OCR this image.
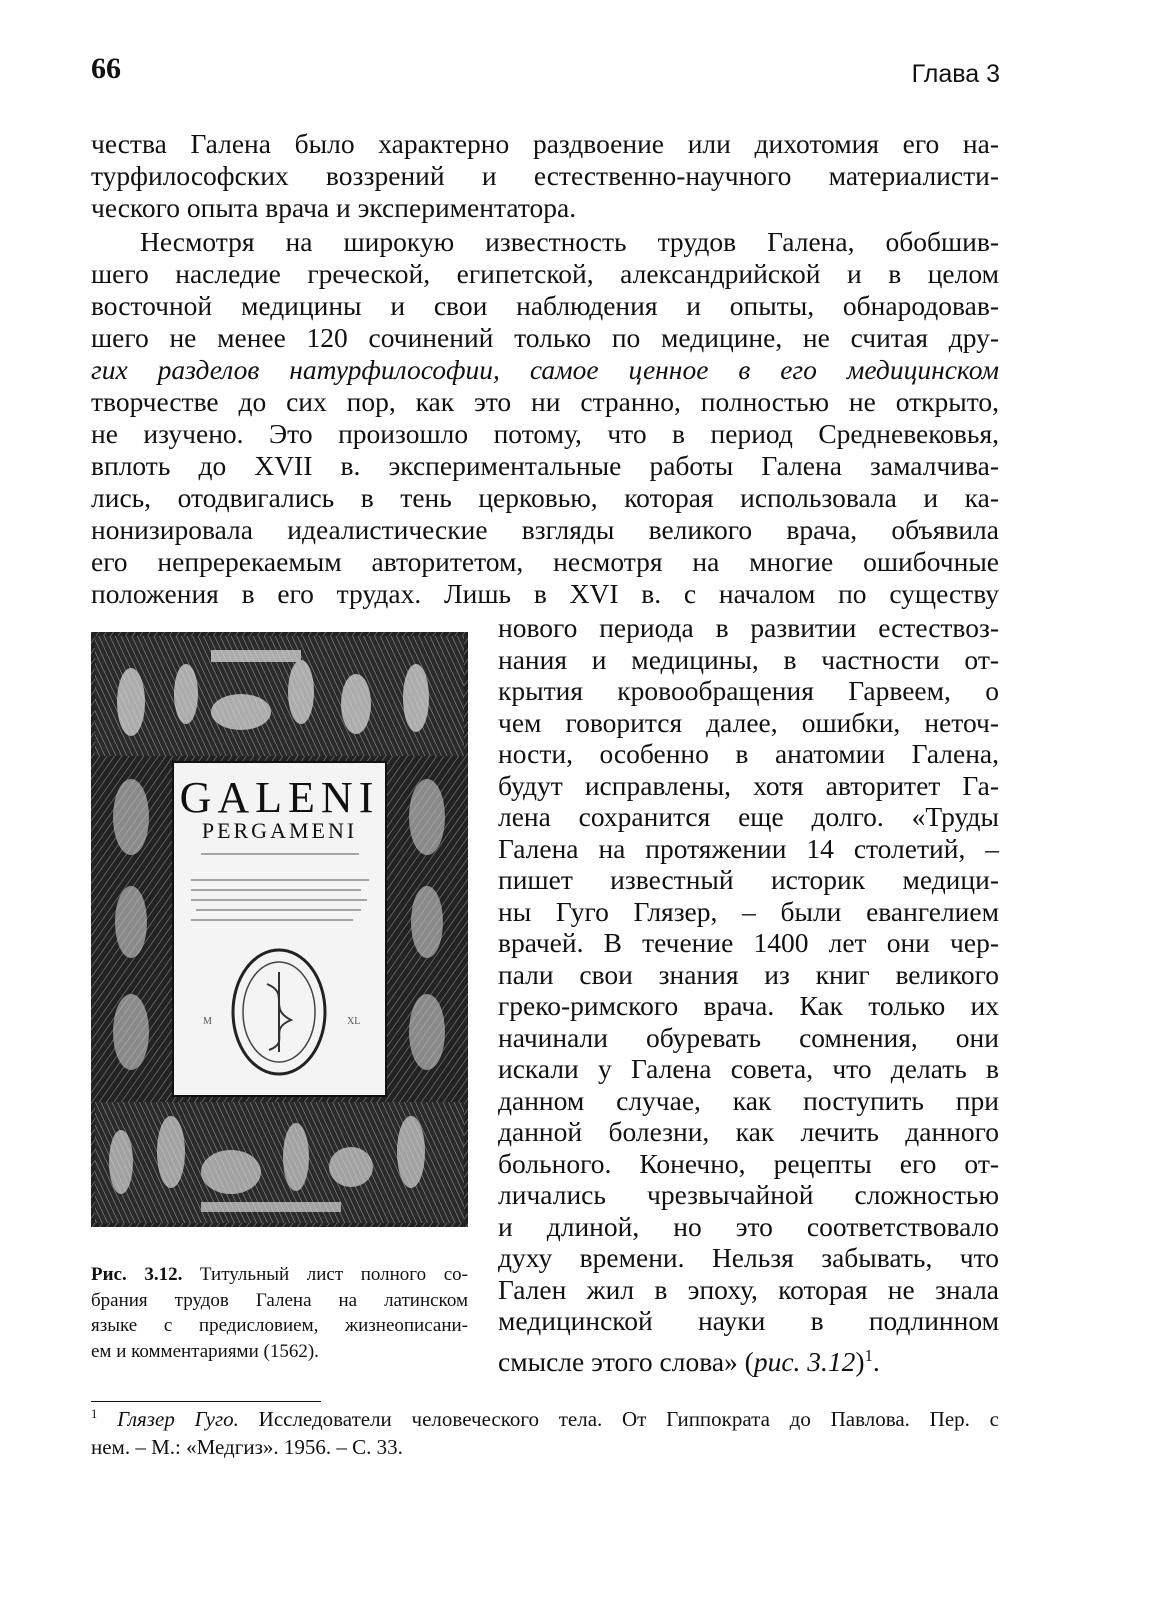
66	Глава 3
чества Галена было характерно раздвоение или дихотомия его на-
турфилософских воззрений и естественно-научного материалисти-
ческого опыта врача и экспериментатора.
Несмотря на широкую известность трудов Галена, обобшив-
шего наследие греческой, египетской, александрийской и в целом
восточной медицины и свои наблюдения и опыты, обнародовав-
шего не менее 120 сочинений только по медицине, не считая дру-
гих разделов натурфилософии, самое ценное в его медицинском
творчестве до сих пор, как это ни странно, полностью не открыто,
не изучено. Это произошло потому, что в период Средневековья,
вплоть до XVII в. экспериментальные работы Галена замалчива-
лись, отодвигались в тень церковью, которая использовала и ка-
нонизировала идеалистические взгляды великого врача, объявила
его непререкаемым авторитетом, несмотря на многие ошибочные
положения в его трудах. Лишь в XVI в. с началом по существу
нового периода в развитии естествоз-
нания и медицины, в частности от-
крытия кровообращения Гарвеем, о
чем говорится далее, ошибки, неточ-
ности, особенно в анатомии Галена,
будут исправлены, хотя авторитет Га-
лена сохранится еще долго. «Труды
Галена на протяжении 14 столетий, –
пишет известный историк медици-
ны Гуго Глязер, – были евангелием
врачей. В течение 1400 лет они чер-
пали свои знания из книг великого
греко-римского врача. Как только их
начинали обуревать сомнения, они
искали у Галена совета, что делать в
данном случае, как поступить при
данной болезни, как лечить данного
больного. Конечно, рецепты его от-
личались чрезвычайной сложностью
и длиной, но это соответствовало
духу времени. Нельзя забывать, что
Гален жил в эпоху, которая не знала
медицинской науки в подлинном
смысле этого слова» (рис. 3.12)$^1$.
GALENI
PERGAMENI
M	XL
Рис. 3.12. Титульный лист полного со-
брания трудов Галена на латинском
языке с предисловием, жизнеописани-
ем и комментариями (1562).
$^1$ Глязер Гуго. Исследователи человеческого тела. От Гиппократа до Павлова. Пер. с
нем. – М.: «Медгиз». 1956. – С. 33.
